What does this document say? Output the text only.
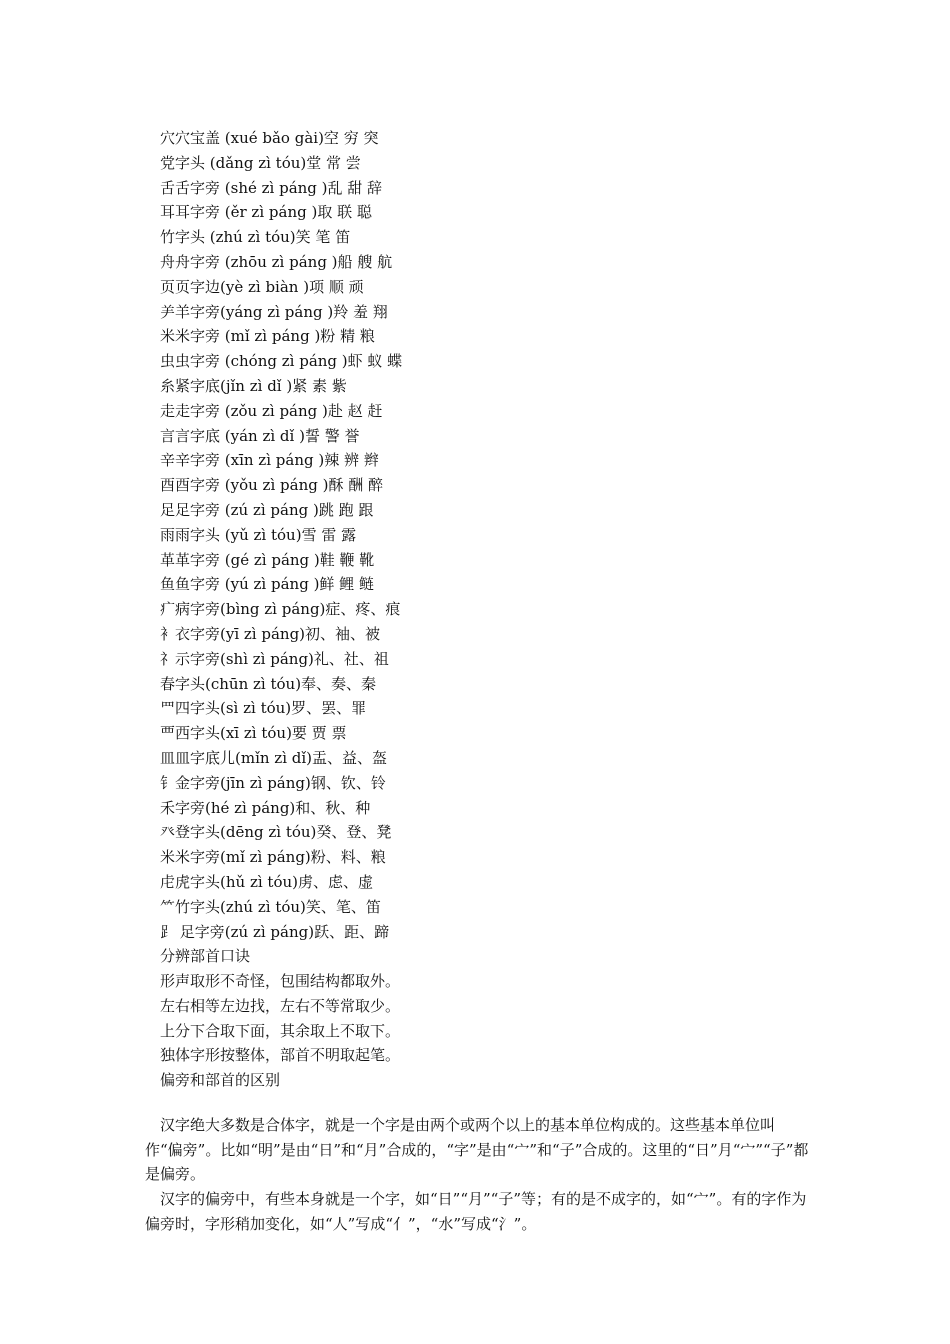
穴穴宝盖 (xué bǎo gài)空 穷 突
党字头 (dǎng zì tóu)堂 常 尝
舌舌字旁 (shé zì páng )乱 甜 辞
耳耳字旁 (ěr zì páng )取 联 聪
竹字头 (zhú zì tóu)笑 笔 笛
舟舟字旁 (zhōu zì páng )船 艘 航
页页字边(yè zì biàn )项 顺 顽
⺶羊字旁(yáng zì páng )羚 羞 翔
米米字旁 (mǐ zì páng )粉 精 粮
虫虫字旁 (chóng zì páng )虾 蚁 蝶
糸紧字底(jǐn zì dǐ )紧 素 紫
走走字旁 (zǒu zì páng )赴 赵 赶
言言字底 (yán zì dǐ )誓 警 誉
辛辛字旁 (xīn zì páng )辣 辨 辫
酉酉字旁 (yǒu zì páng )酥 酬 醉
足足字旁 (zú zì páng )跳 跑 跟
雨雨字头 (yǔ zì tóu)雪 雷 露
革革字旁 (gé zì páng )鞋 鞭 靴
鱼鱼字旁 (yú zì páng )鲜 鲤 鲢
疒病字旁(bìng zì páng)症、疼、痕
衤衣字旁(yī zì páng)初、袖、被
礻示字旁(shì zì páng)礼、社、祖
春字头(chūn zì tóu)奉、奏、秦
罒四字头(sì zì tóu)罗、罢、罪
覀西字头(xī zì tóu)要 贾 票
皿皿字底儿(mǐn zì dǐ)盂、益、盔
钅金字旁(jīn zì páng)钢、钦、铃
禾字旁(hé zì páng)和、秋、种
癶登字头(dēng zì tóu)癸、登、凳
米米字旁(mǐ zì páng)粉、料、粮
虍虎字头(hǔ zì tóu)虏、虑、虚
⺮竹字头(zhú zì tóu)笑、笔、笛
⻊ 足字旁(zú zì páng)跃、距、蹄
分辨部首口诀
形声取形不奇怪，包围结构都取外。
左右相等左边找，左右不等常取少。
上分下合取下面，其余取上不取下。
独体字形按整体，部首不明取起笔。
偏旁和部首的区别

汉字绝大多数是合体字，就是一个字是由两个或两个以上的基本单位构成的。这些基本单位叫作“偏旁”。比如“明”是由“日”和“月”合成的，“字”是由“宀”和“子”合成的。这里的“日”月“宀”“子”都是偏旁。

汉字的偏旁中，有些本身就是一个字，如“日”“月”“子”等；有的是不成字的，如“宀”。有的字作为偏旁时，字形稍加变化，如“人”写成“亻”，“水”写成“氵”。
